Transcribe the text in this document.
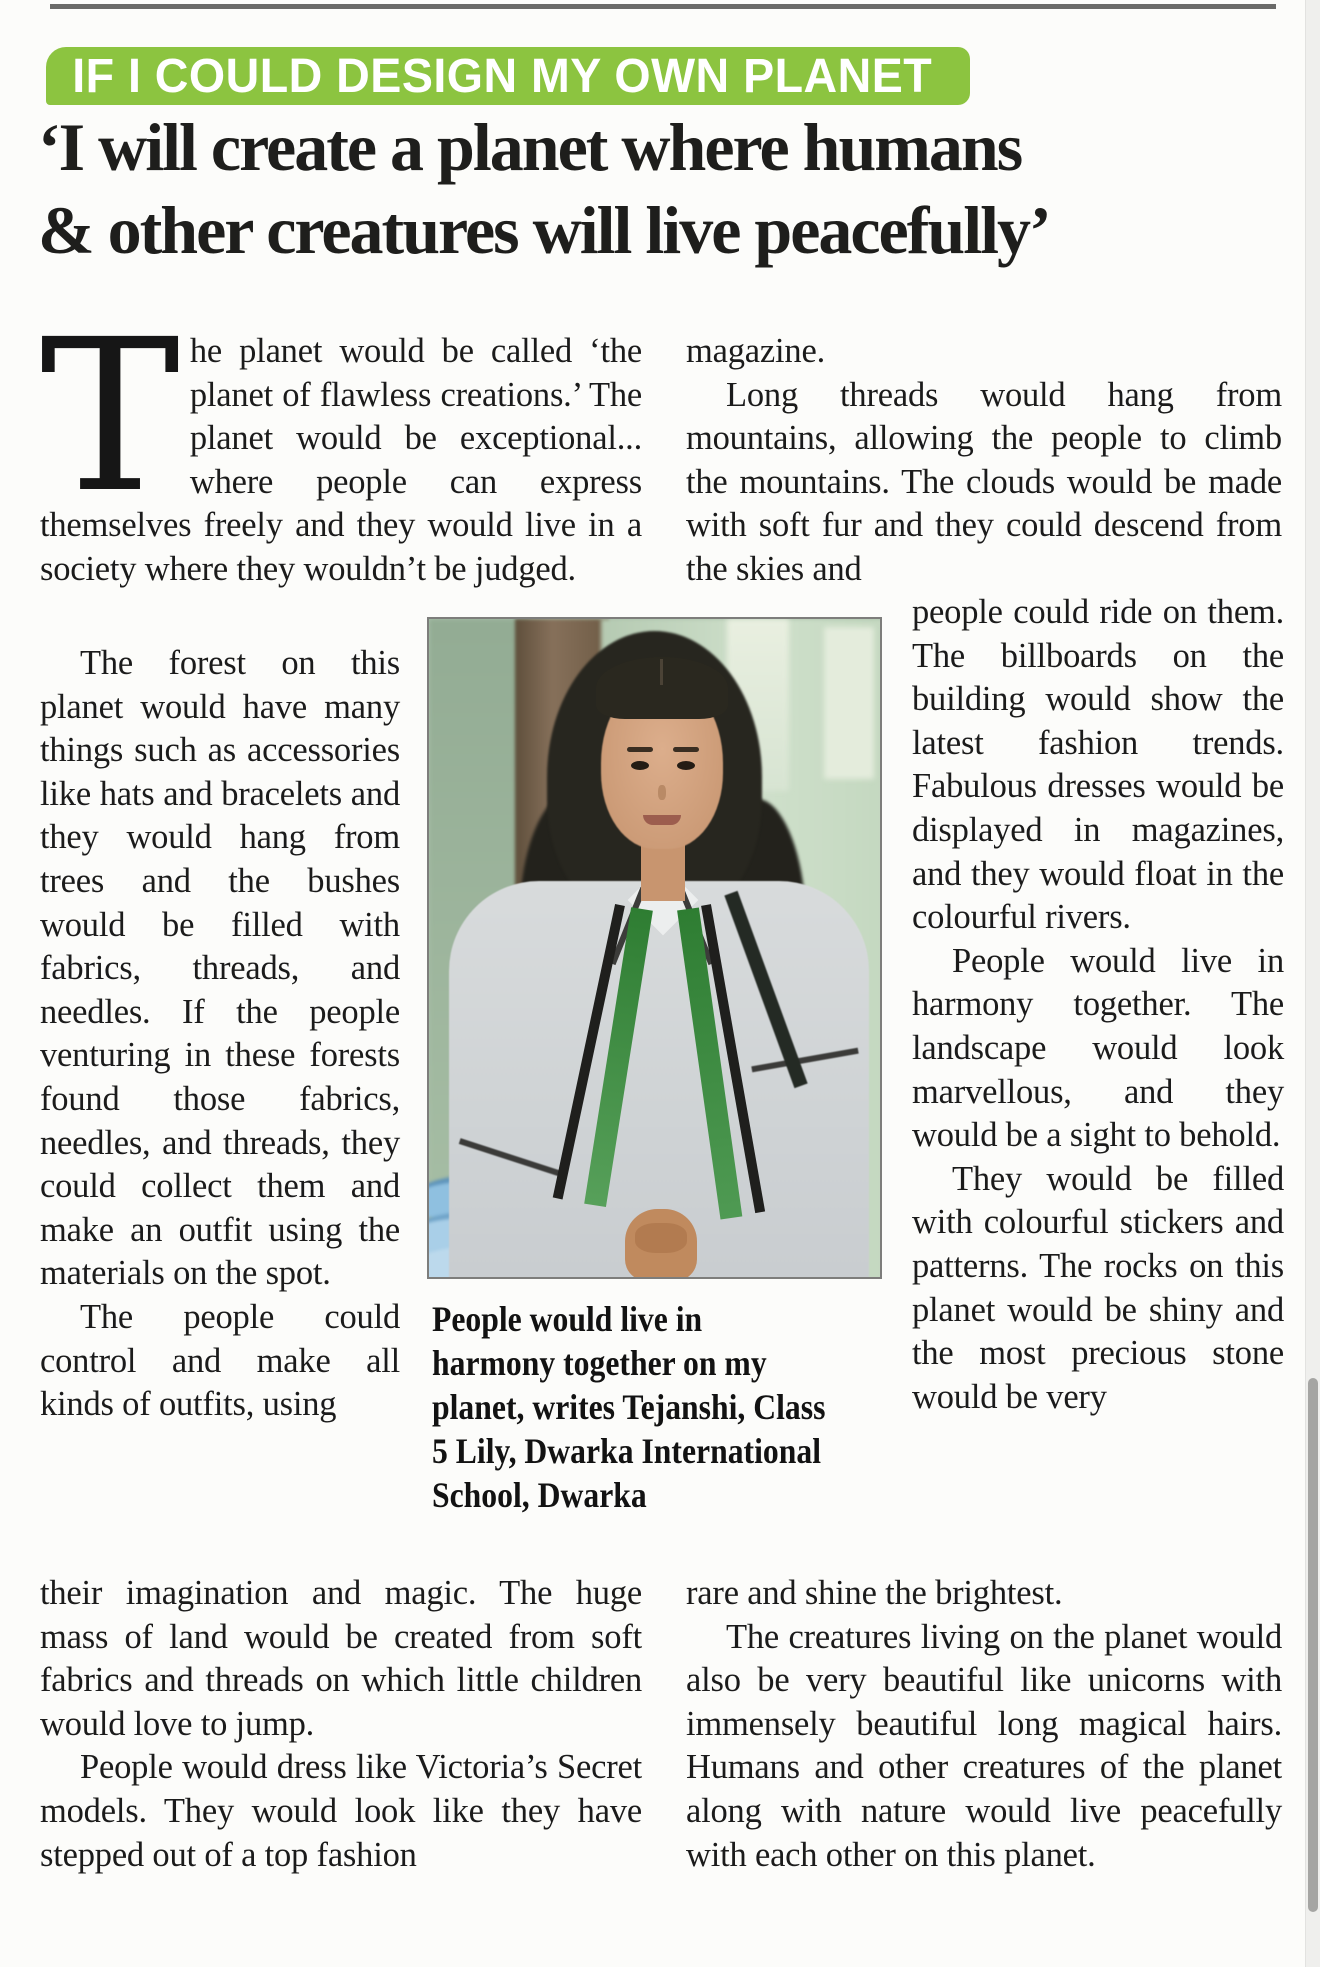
IF I COULD DESIGN MY OWN PLANET
‘I will create a planet where humans
& other creatures will live peacefully’
T he planet would be called ‘the planet of flawless creations.’ The planet would be exceptional... where people can express themselves freely and they would live in a society where they wouldn’t be judged.

The forest on this planet would have many things such as accessories like hats and bracelets and they would hang from trees and the bushes would be filled with fabrics, threads, and needles. If the people venturing in these forests found those fabrics, needles, and threads, they could collect them and make an outfit using the materials on the spot.

The people could control and make all kinds of outfits, using

their imagination and magic. The huge mass of land would be created from soft fabrics and threads on which little children would love to jump.

People would dress like Victoria’s Secret models. They would look like they have stepped out of a top fashion

magazine.

Long threads would hang from mountains, allowing the people to climb the mountains. The clouds would be made with soft fur and they could descend from the skies and

people could ride on them. The billboards on the building would show the latest fashion trends. Fabulous dresses would be displayed in magazines, and they would float in the colourful rivers.

People would live in harmony together. The landscape would look marvellous, and they would be a sight to behold.

They would be filled with colourful stickers and patterns. The rocks on this planet would be shiny and the most precious stone would be very

rare and shine the brightest.

The creatures living on the planet would also be very beautiful like unicorns with immensely beautiful long magical hairs. Humans and other creatures of the planet along with nature would live peacefully with each other on this planet.

People would live in
harmony together on my
planet, writes Tejanshi, Class
5 Lily, Dwarka International
School, Dwarka
